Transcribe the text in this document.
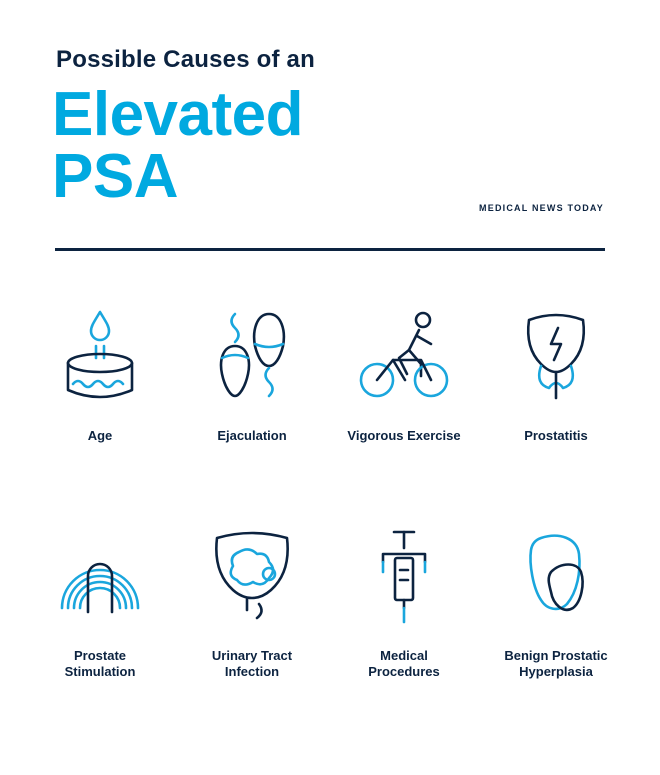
Possible Causes of an
Elevated
PSA	MEDICAL NEWS TODAY
Age	Ejaculation	Vigorous Exercise	Prostatitis
Prostate
Stimulation
Urinary Tract
Infection
Medical
Procedures
Benign Prostatic
Hyperplasia
